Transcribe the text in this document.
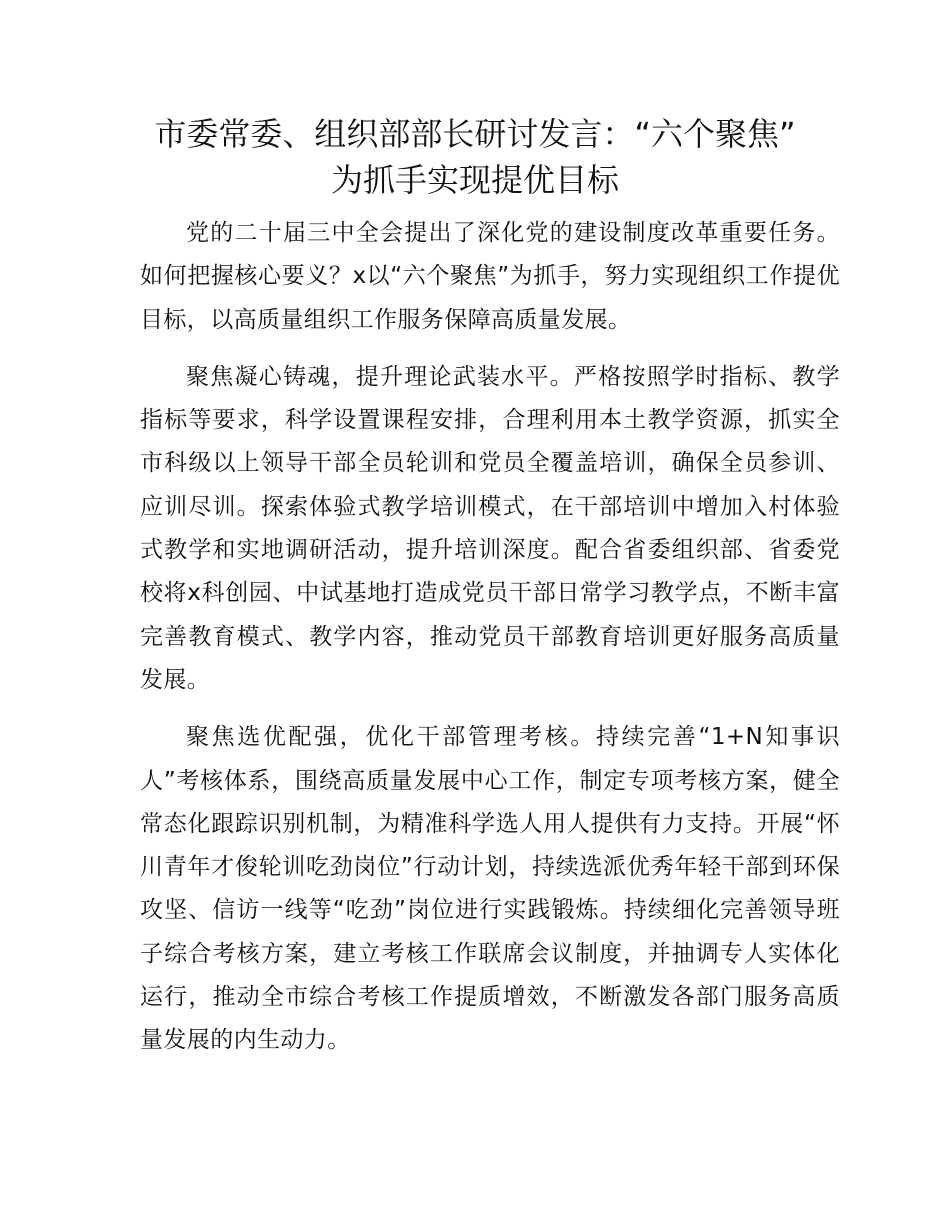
市委常委、组织部部长研讨发言：“六个聚焦”
为抓手实现提优目标

党的二十届三中全会提出了深化党的建设制度改革重要任务。如何把握核心要义？x以“六个聚焦”为抓手，努力实现组织工作提优目标，以高质量组织工作服务保障高质量发展。

聚焦凝心铸魂，提升理论武装水平。严格按照学时指标、教学指标等要求，科学设置课程安排，合理利用本土教学资源，抓实全市科级以上领导干部全员轮训和党员全覆盖培训，确保全员参训、应训尽训。探索体验式教学培训模式，在干部培训中增加入村体验式教学和实地调研活动，提升培训深度。配合省委组织部、省委党校将x科创园、中试基地打造成党员干部日常学习教学点，不断丰富完善教育模式、教学内容，推动党员干部教育培训更好服务高质量发展。

聚焦选优配强，优化干部管理考核。持续完善“1+N知事识人”考核体系，围绕高质量发展中心工作，制定专项考核方案，健全常态化跟踪识别机制，为精准科学选人用人提供有力支持。开展“怀川青年才俊轮训吃劲岗位”行动计划，持续选派优秀年轻干部到环保攻坚、信访一线等“吃劲”岗位进行实践锻炼。持续细化完善领导班子综合考核方案，建立考核工作联席会议制度，并抽调专人实体化运行，推动全市综合考核工作提质增效，不断激发各部门服务高质量发展的内生动力。
